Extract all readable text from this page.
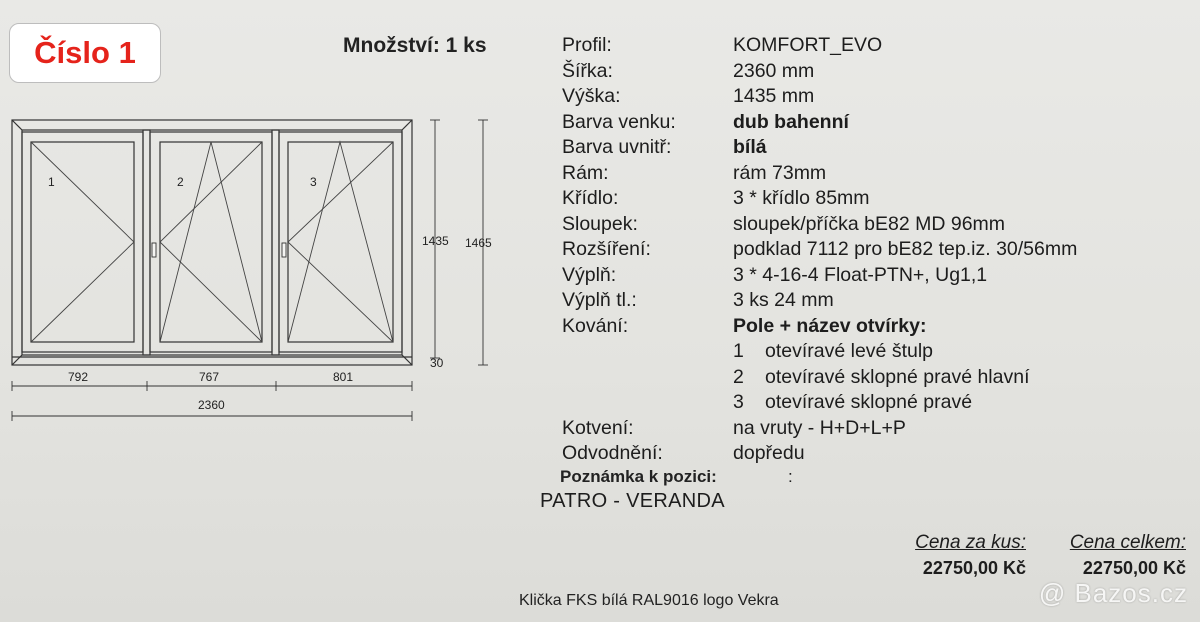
Číslo 1	Množství: 1 ks
1	2	3
1435 1465
30
792	767	801
2360
Profil:	KOMFORT_EVO
Šířka:	2360 mm
Výška:	1435 mm
Barva venku:	dub bahenní
Barva uvnitř:	bílá
Rám:	rám 73mm
Křídlo:	3 * křídlo 85mm
Sloupek:	sloupek/příčka bE82 MD 96mm
Rozšíření:	podklad 7112 pro bE82 tep.iz. 30/56mm
Výplň:	3 * 4-16-4 Float-PTN+, Ug1,1
Výplň tl.:	3 ks 24 mm
Kování:	Pole + název otvírky:
1	otevíravé levé štulp
2	otevíravé sklopné pravé hlavní
3	otevíravé sklopné pravé
Kotvení:	na vruty - H+D+L+P
Odvodnění:	dopředu
Poznámka k pozici:	:
PATRO - VERANDA
Cena za kus:
22750,00 Kč
Cena celkem:
22750,00 Kč
Klička FKS bílá RAL9016 logo Vekra	@ Bazos.cz
